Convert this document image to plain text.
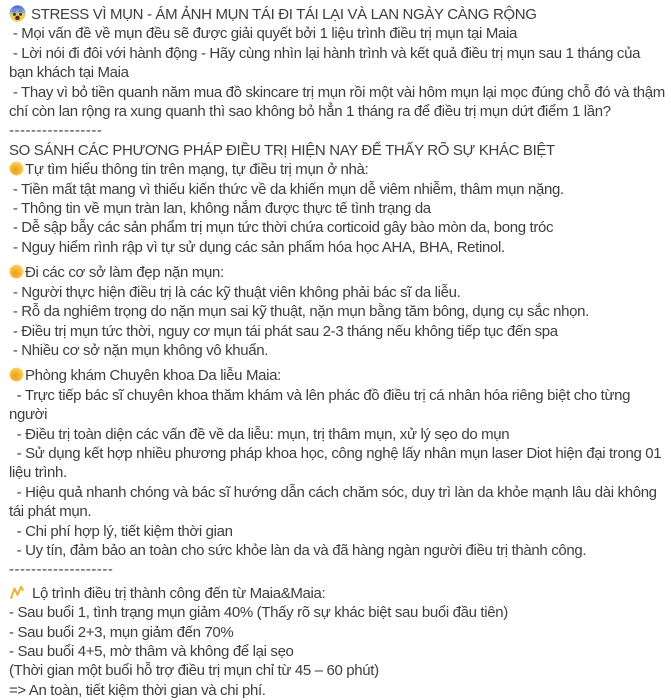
STRESS VÌ MỤN - ÁM ẢNH MỤN TÁI ĐI TÁI LẠI VÀ LAN NGÀY CÀNG RỘNG

- Mọi vấn đề về mụn đều sẽ được giải quyết bởi 1 liệu trình điều trị mụn tại Maia

- Lời nói đi đôi với hành động - Hãy cùng nhìn lại hành trình và kết quả điều trị mụn sau 1 tháng của bạn khách tại Maia

- Thay vì bỏ tiền quanh năm mua đồ skincare trị mụn rồi một vài hôm mụn lại mọc đúng chỗ đó và thậm chí còn lan rộng ra xung quanh thì sao không bỏ hẳn 1 tháng ra để điều trị mụn dứt điểm 1 lần?

-----------------

SO SÁNH CÁC PHƯƠNG PHÁP ĐIỀU TRỊ HIỆN NAY ĐỂ THẤY RÕ SỰ KHÁC BIỆT

Tự tìm hiểu thông tin trên mạng, tự điều trị mụn ở nhà:

- Tiền mất tật mang vì thiếu kiến thức về da khiến mụn dễ viêm nhiễm, thâm mụn nặng.

- Thông tin về mụn tràn lan, không nắm được thực tế tình trạng da

- Dễ sập bẫy các sản phẩm trị mụn tức thời chứa corticoid gây bào mòn da, bong tróc

- Nguy hiểm rình rập vì tự sử dụng các sản phẩm hóa học AHA, BHA, Retinol.

Đi các cơ sở làm đẹp nặn mụn:

- Người thực hiện điều trị là các kỹ thuật viên không phải bác sĩ da liễu.

- Rỗ da nghiêm trọng do nặn mụn sai kỹ thuật, nặn mụn bằng tăm bông, dụng cụ sắc nhọn.

- Điều trị mụn tức thời, nguy cơ mụn tái phát sau 2-3 tháng nếu không tiếp tục đến spa

- Nhiều cơ sở nặn mụn không vô khuẩn.

Phòng khám Chuyên khoa Da liễu Maia:

- Trực tiếp bác sĩ chuyên khoa thăm khám và lên phác đồ điều trị cá nhân hóa riêng biệt cho từng người

- Điều trị toàn diện các vấn đề về da liễu: mụn, trị thâm mụn, xử lý sẹo do mụn

- Sử dụng kết hợp nhiều phương pháp khoa học, công nghệ lấy nhân mụn laser Diot hiện đại trong 01 liệu trình.

- Hiệu quả nhanh chóng và bác sĩ hướng dẫn cách chăm sóc, duy trì làn da khỏe mạnh lâu dài không tái phát mụn.

- Chi phí hợp lý, tiết kiệm thời gian

- Uy tín, đảm bảo an toàn cho sức khỏe làn da và đã hàng ngàn người điều trị thành công.

-------------------

Lộ trình điều trị thành công đến từ Maia&Maia:

- Sau buổi 1, tình trạng mụn giảm 40% (Thấy rõ sự khác biệt sau buổi đầu tiên)

- Sau buổi 2+3, mụn giảm đến 70%

- Sau buổi 4+5, mờ thâm và không để lại sẹo

(Thời gian một buổi hỗ trợ điều trị mụn chỉ từ 45 – 60 phút)

=> An toàn, tiết kiệm thời gian và chi phí.
